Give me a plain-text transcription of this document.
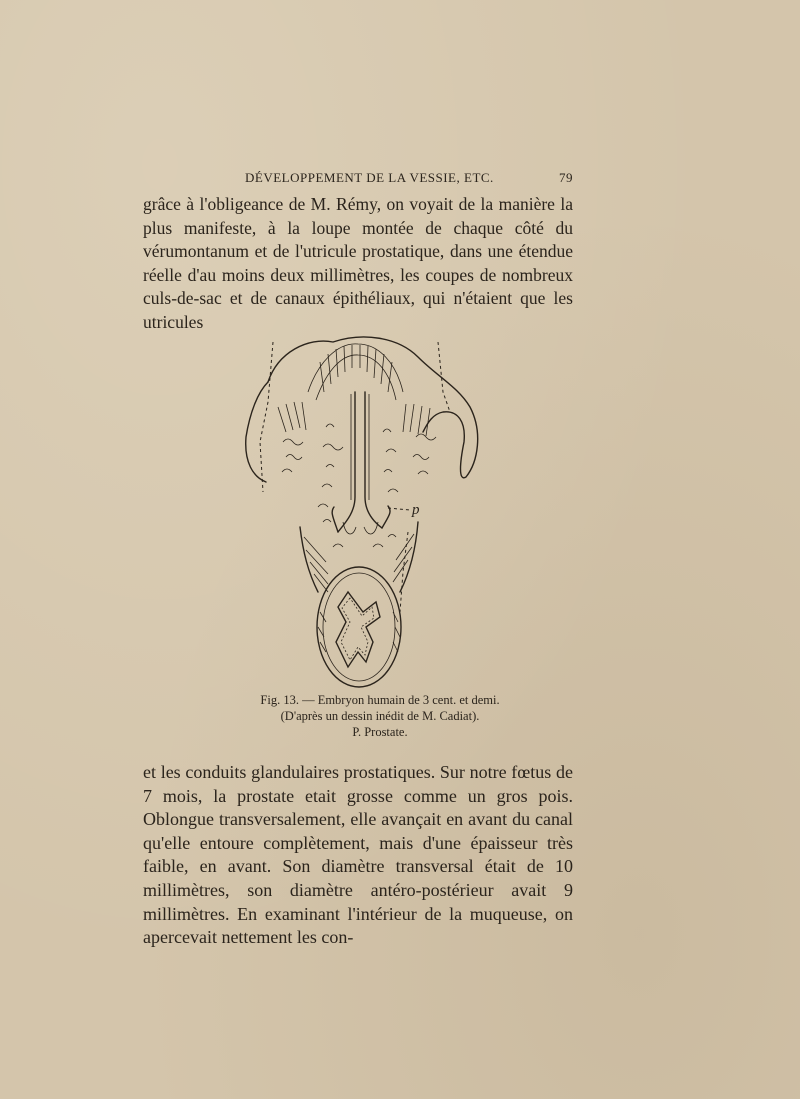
DÉVELOPPEMENT DE LA VESSIE, ETC.	79

grâce à l'obligeance de M. Rémy, on voyait de la manière la plus manifeste, à la loupe montée de chaque côté du vérumontanum et de l'utricule prostatique, dans une étendue réelle d'au moins deux millimètres, les coupes de nombreux culs-de-sac et de canaux épithéliaux, qui n'étaient que les utricules

p
Fig. 13. — Embryon humain de 3 cent. et demi.
(D'après un dessin inédit de M. Cadiat).
P. Prostate.

et les conduits glandulaires prostatiques. Sur notre fœtus de 7 mois, la prostate etait grosse comme un gros pois. Oblongue transversalement, elle avançait en avant du canal qu'elle entoure complètement, mais d'une épaisseur très faible, en avant. Son diamètre transversal était de 10 millimètres, son diamètre antéro-postérieur avait 9 millimètres. En examinant l'intérieur de la muqueuse, on apercevait nettement les con-
